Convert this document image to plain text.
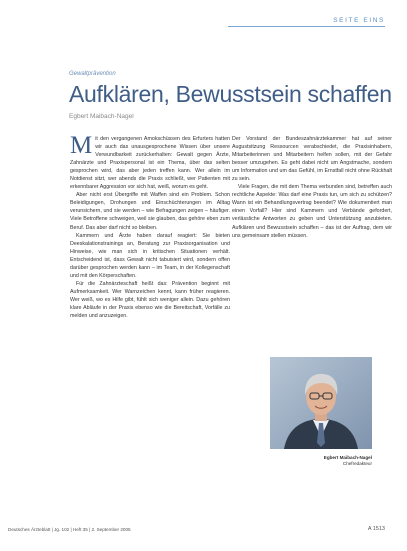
SEITE EINS
Gewaltprävention
Aufklären, Bewusstsein schaffen
Egbert Maibach-Nagel

Mit den vergangenen Amokschüssen des Erfurters hatten wir auch das unausgesprochene Wissen über unsere Verwundbarkeit zurückerhalten: Gewalt gegen Ärzte, Zahnärzte und Praxispersonal ist ein Thema, über das selten gesprochen wird, das aber jeden treffen kann. Wer allein im Notdienst sitzt, wer abends die Praxis schließt, wer Patienten mit erkennbarer Aggression vor sich hat, weiß, worum es geht.

Aber nicht erst Übergriffe mit Waffen sind ein Problem. Schon Beleidigungen, Drohungen und Einschüchterungen im Alltag verunsichern, und sie werden – wie Befragungen zeigen – häufiger. Viele Betroffene schweigen, weil sie glauben, das gehöre eben zum Beruf. Das aber darf nicht so bleiben.

Kammern und Ärzte haben darauf reagiert: Sie bieten Deeskalationstrainings an, Beratung zur Praxisorganisation und Hinweise, wie man sich in kritischen Situationen verhält. Entscheidend ist, dass Gewalt nicht tabuisiert wird, sondern offen darüber gesprochen werden kann – im Team, in der Kollegenschaft und mit den Körperschaften.

Für die Zahnärzteschaft heißt das: Prävention beginnt mit Aufmerksamkeit. Wer Warnzeichen kennt, kann früher reagieren. Wer weiß, wo es Hilfe gibt, fühlt sich weniger allein. Dazu gehören klare Abläufe in der Praxis ebenso wie die Bereitschaft, Vorfälle zu melden und anzuzeigen.

Der Vorstand der Bundeszahnärztekammer hat auf seiner Augustsitzung Ressourcen verabschiedet, die Praxisinhabern, Mitarbeiterinnen und Mitarbeitern helfen sollen, mit der Gefahr besser umzugehen. Es geht dabei nicht um Angstmache, sondern um Information und um das Gefühl, im Ernstfall nicht ohne Rückhalt zu sein.

Viele Fragen, die mit dem Thema verbunden sind, betreffen auch rechtliche Aspekte: Was darf eine Praxis tun, um sich zu schützen? Wann ist ein Behandlungsvertrag beendet? Wie dokumentiert man einen Vorfall? Hier sind Kammern und Verbände gefordert, verlässliche Antworten zu geben und Unterstützung anzubieten. Aufklären und Bewusstsein schaffen – das ist der Auftrag, dem wir uns gemeinsam stellen müssen.

Egbert Maibach-Nagel
Chefredakteur
Deutsches Ärzteblatt | Jg. 102 | Heft 35 | 2. September 2005	A 1513
